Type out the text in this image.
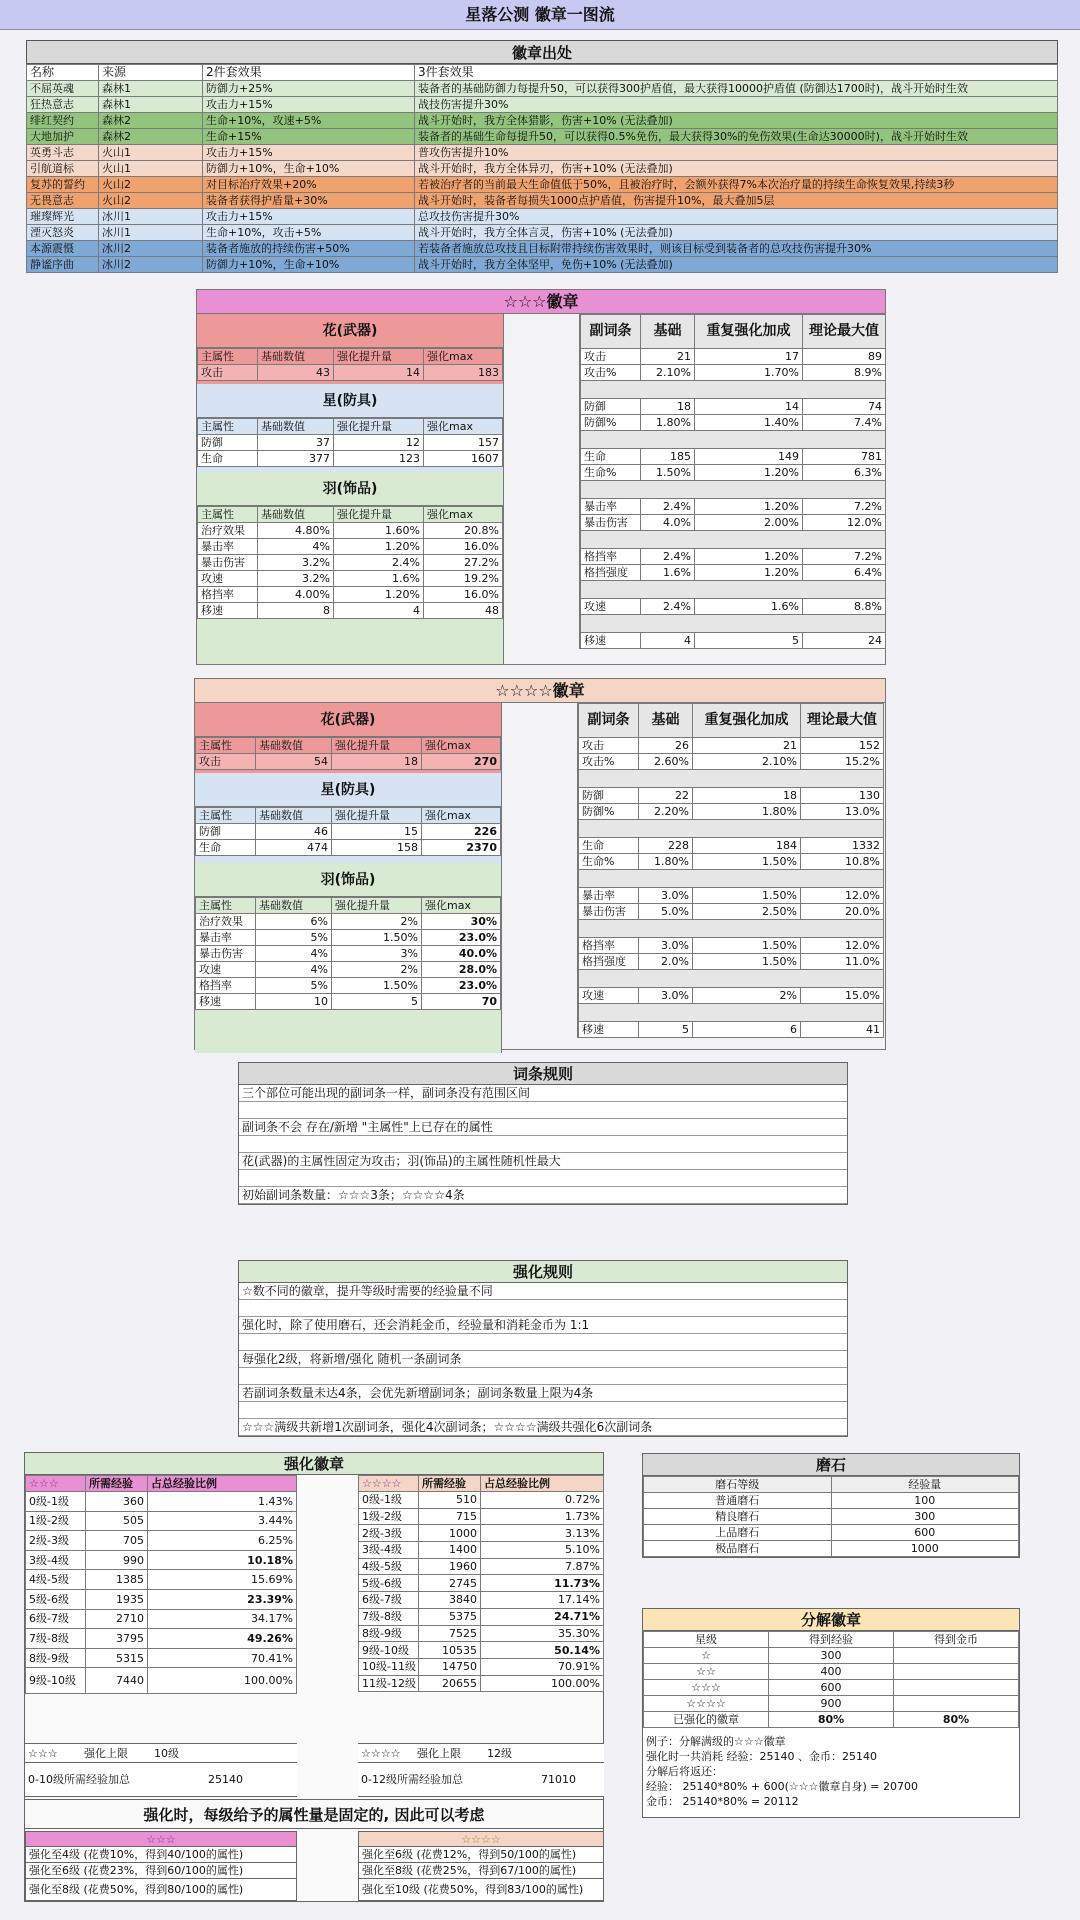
星落公测 徽章一图流
徽章出处
名称	来源	2件套效果	3件套效果
不屈英魂	森林1	防御力+25%	装备者的基础防御力每提升50，可以获得300护盾值，最大获得10000护盾值 (防御达1700时)，战斗开始时生效
狂热意志	森林1	攻击力+15%	战技伤害提升30%
绯红契约	森林2	生命+10%，攻速+5%	战斗开始时，我方全体猎影，伤害+10% (无法叠加)
大地加护	森林2	生命+15%	装备者的基础生命每提升50，可以获得0.5%免伤，最大获得30%的免伤效果(生命达30000时)，战斗开始时生效
英勇斗志	火山1	攻击力+15%	普攻伤害提升10%
引航道标	火山1	防御力+10%，生命+10%	战斗开始时，我方全体异刃，伤害+10% (无法叠加)
复苏的誓约	火山2	对目标治疗效果+20%	若被治疗者的当前最大生命值低于50%，且被治疗时，会额外获得7%本次治疗量的持续生命恢复效果,持续3秒
无畏意志	火山2	装备者获得护盾量+30%	战斗开始时，装备者每损失1000点护盾值，伤害提升10%，最大叠加5层
璀璨辉光	冰川1	攻击力+15%	总攻技伤害提升30%
湮灭怒炎	冰川1	生命+10%，攻击+5%	战斗开始时，我方全体言灵，伤害+10% (无法叠加)
本源震慑	冰川2	装备者施放的持续伤害+50%	若装备者施放总攻技且目标附带持续伤害效果时，则该目标受到装备者的总攻技伤害提升30%
静谧序曲	冰川2	防御力+10%，生命+10%	战斗开始时，我方全体坚甲，免伤+10% (无法叠加)
☆☆☆徽章
花(武器)
主属性	基础数值	强化提升量	强化max
攻击	43	14	183
星(防具)
主属性	基础数值	强化提升量	强化max
防御	37	12	157
生命	377	123	1607
羽(饰品)
主属性	基础数值	强化提升量	强化max
治疗效果	4.80%	1.60%	20.8%
暴击率	4%	1.20%	16.0%
暴击伤害	3.2%	2.4%	27.2%
攻速	3.2%	1.6%	19.2%
格挡率	4.00%	1.20%	16.0%
移速	8	4	48
副词条	基础	重复强化加成	理论最大值
攻击	21	17	89
攻击%	2.10%	1.70%	8.9%

防御	18	14	74
防御%	1.80%	1.40%	7.4%

生命	185	149	781
生命%	1.50%	1.20%	6.3%

暴击率	2.4%	1.20%	7.2%
暴击伤害	4.0%	2.00%	12.0%

格挡率	2.4%	1.20%	7.2%
格挡强度	1.6%	1.20%	6.4%

攻速	2.4%	1.6%	8.8%

移速	4	5	24
☆☆☆☆徽章
花(武器)
主属性	基础数值	强化提升量	强化max
攻击	54	18	270
星(防具)
主属性	基础数值	强化提升量	强化max
防御	46	15	226
生命	474	158	2370
羽(饰品)
主属性	基础数值	强化提升量	强化max
治疗效果	6%	2%	30%
暴击率	5%	1.50%	23.0%
暴击伤害	4%	3%	40.0%
攻速	4%	2%	28.0%
格挡率	5%	1.50%	23.0%
移速	10	5	70
副词条	基础	重复强化加成	理论最大值
攻击	26	21	152
攻击%	2.60%	2.10%	15.2%

防御	22	18	130
防御%	2.20%	1.80%	13.0%

生命	228	184	1332
生命%	1.80%	1.50%	10.8%

暴击率	3.0%	1.50%	12.0%
暴击伤害	5.0%	2.50%	20.0%

格挡率	3.0%	1.50%	12.0%
格挡强度	2.0%	1.50%	11.0%

攻速	3.0%	2%	15.0%

移速	5	6	41
词条规则
三个部位可能出现的副词条一样，副词条没有范围区间
副词条不会 存在/新增 "主属性"上已存在的属性
花(武器)的主属性固定为攻击；羽(饰品)的主属性随机性最大
初始副词条数量：☆☆☆3条；☆☆☆☆4条
强化规则
☆数不同的徽章，提升等级时需要的经验量不同
强化时，除了使用磨石，还会消耗金币，经验量和消耗金币为 1:1
每强化2级，将新增/强化 随机一条副词条
若副词条数量未达4条，会优先新增副词条；副词条数量上限为4条
☆☆☆满级共新增1次副词条，强化4次副词条；☆☆☆☆满级共强化6次副词条
强化徽章
☆☆☆	所需经验	占总经验比例
0级-1级	360	1.43%
1级-2级	505	3.44%
2级-3级	705	6.25%
3级-4级	990	10.18%
4级-5级	1385	15.69%
5级-6级	1935	23.39%
6级-7级	2710	34.17%
7级-8级	3795	49.26%
8级-9级	5315	70.41%
9级-10级	7440	100.00%
☆☆☆☆	所需经验	占总经验比例
0级-1级	510	0.72%
1级-2级	715	1.73%
2级-3级	1000	3.13%
3级-4级	1400	5.10%
4级-5级	1960	7.87%
5级-6级	2745	11.73%
6级-7级	3840	17.14%
7级-8级	5375	24.71%
8级-9级	7525	35.30%
9级-10级	10535	50.14%
10级-11级	14750	70.91%
11级-12级	20655	100.00%
☆☆☆ 强化上限 10级
0-10级所需经验加总	25140
☆☆☆☆ 强化上限 12级
0-12级所需经验加总	71010
强化时，每级给予的属性量是固定的, 因此可以考虑
☆☆☆
强化至4级 (花费10%，得到40/100的属性)
强化至6级 (花费23%，得到60/100的属性)
强化至8级 (花费50%，得到80/100的属性)
☆☆☆☆
强化至6级 (花费12%，得到50/100的属性)
强化至8级 (花费25%，得到67/100的属性)
强化至10级 (花费50%，得到83/100的属性)
磨石
磨石等级	经验量
普通磨石	100
精良磨石	300
上品磨石	600
极品磨石	1000
分解徽章
星级	得到经验	得到金币
☆	300	
☆☆	400	
☆☆☆	600	
☆☆☆☆	900	
已强化的徽章	80%	80%
例子：分解满级的☆☆☆徽章
强化时一共消耗 经验：25140 、金币：25140
分解后将返还：
经验： 25140*80% + 600(☆☆☆徽章自身) = 20700
金币： 25140*80% = 20112
